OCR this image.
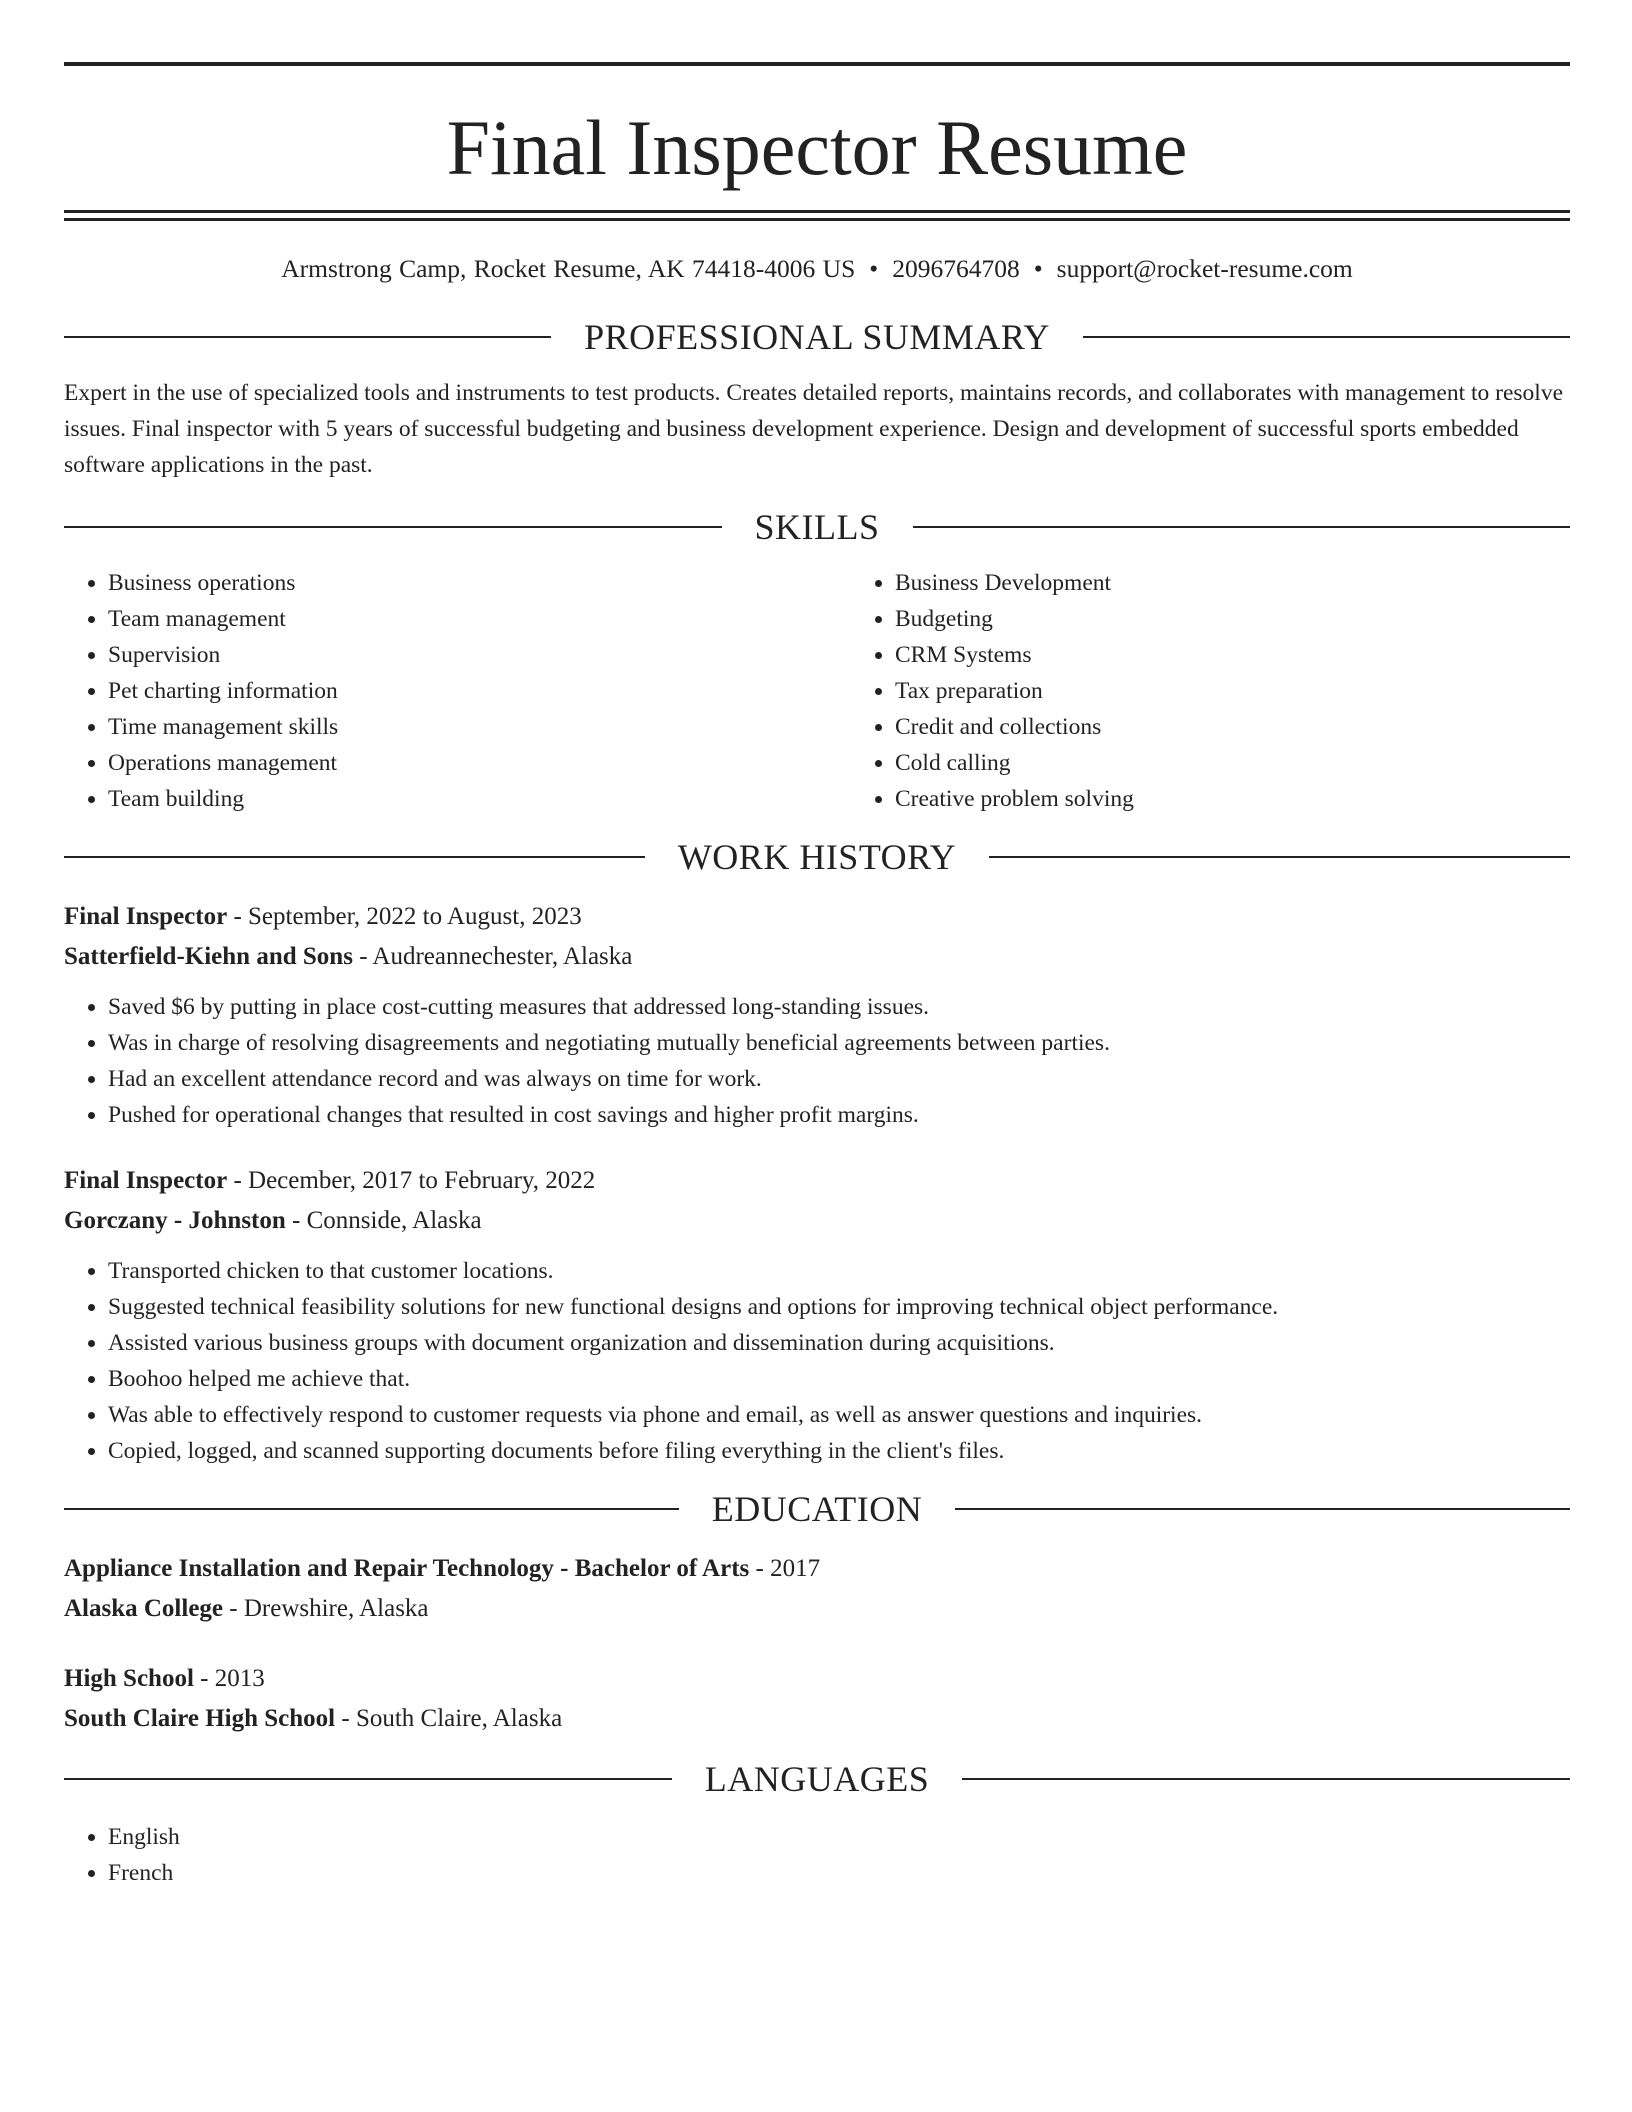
Final Inspector Resume
Armstrong Camp, Rocket Resume, AK 74418-4006 US • 2096764708 • support@rocket-resume.com
PROFESSIONAL SUMMARY

Expert in the use of specialized tools and instruments to test products. Creates detailed reports, maintains records, and collaborates with management to resolve issues. Final inspector with 5 years of successful budgeting and business development experience. Design and development of successful sports embedded software applications in the past.

SKILLS
• Business operations
• Team management
• Supervision
• Pet charting information
• Time management skills
• Operations management
• Team building
• Business Development
• Budgeting
• CRM Systems
• Tax preparation
• Credit and collections
• Cold calling
• Creative problem solving
WORK HISTORY
Final Inspector - September, 2022 to August, 2023
Satterfield-Kiehn and Sons - Audreannechester, Alaska
• Saved $6 by putting in place cost-cutting measures that addressed long-standing issues.
• Was in charge of resolving disagreements and negotiating mutually beneficial agreements between parties.
• Had an excellent attendance record and was always on time for work.
• Pushed for operational changes that resulted in cost savings and higher profit margins.
Final Inspector - December, 2017 to February, 2022
Gorczany - Johnston - Connside, Alaska
• Transported chicken to that customer locations.
• Suggested technical feasibility solutions for new functional designs and options for improving technical object performance.
• Assisted various business groups with document organization and dissemination during acquisitions.
• Boohoo helped me achieve that.
• Was able to effectively respond to customer requests via phone and email, as well as answer questions and inquiries.
• Copied, logged, and scanned supporting documents before filing everything in the client's files.
EDUCATION
Appliance Installation and Repair Technology - Bachelor of Arts - 2017
Alaska College - Drewshire, Alaska
High School - 2013
South Claire High School - South Claire, Alaska
LANGUAGES
• English
• French
